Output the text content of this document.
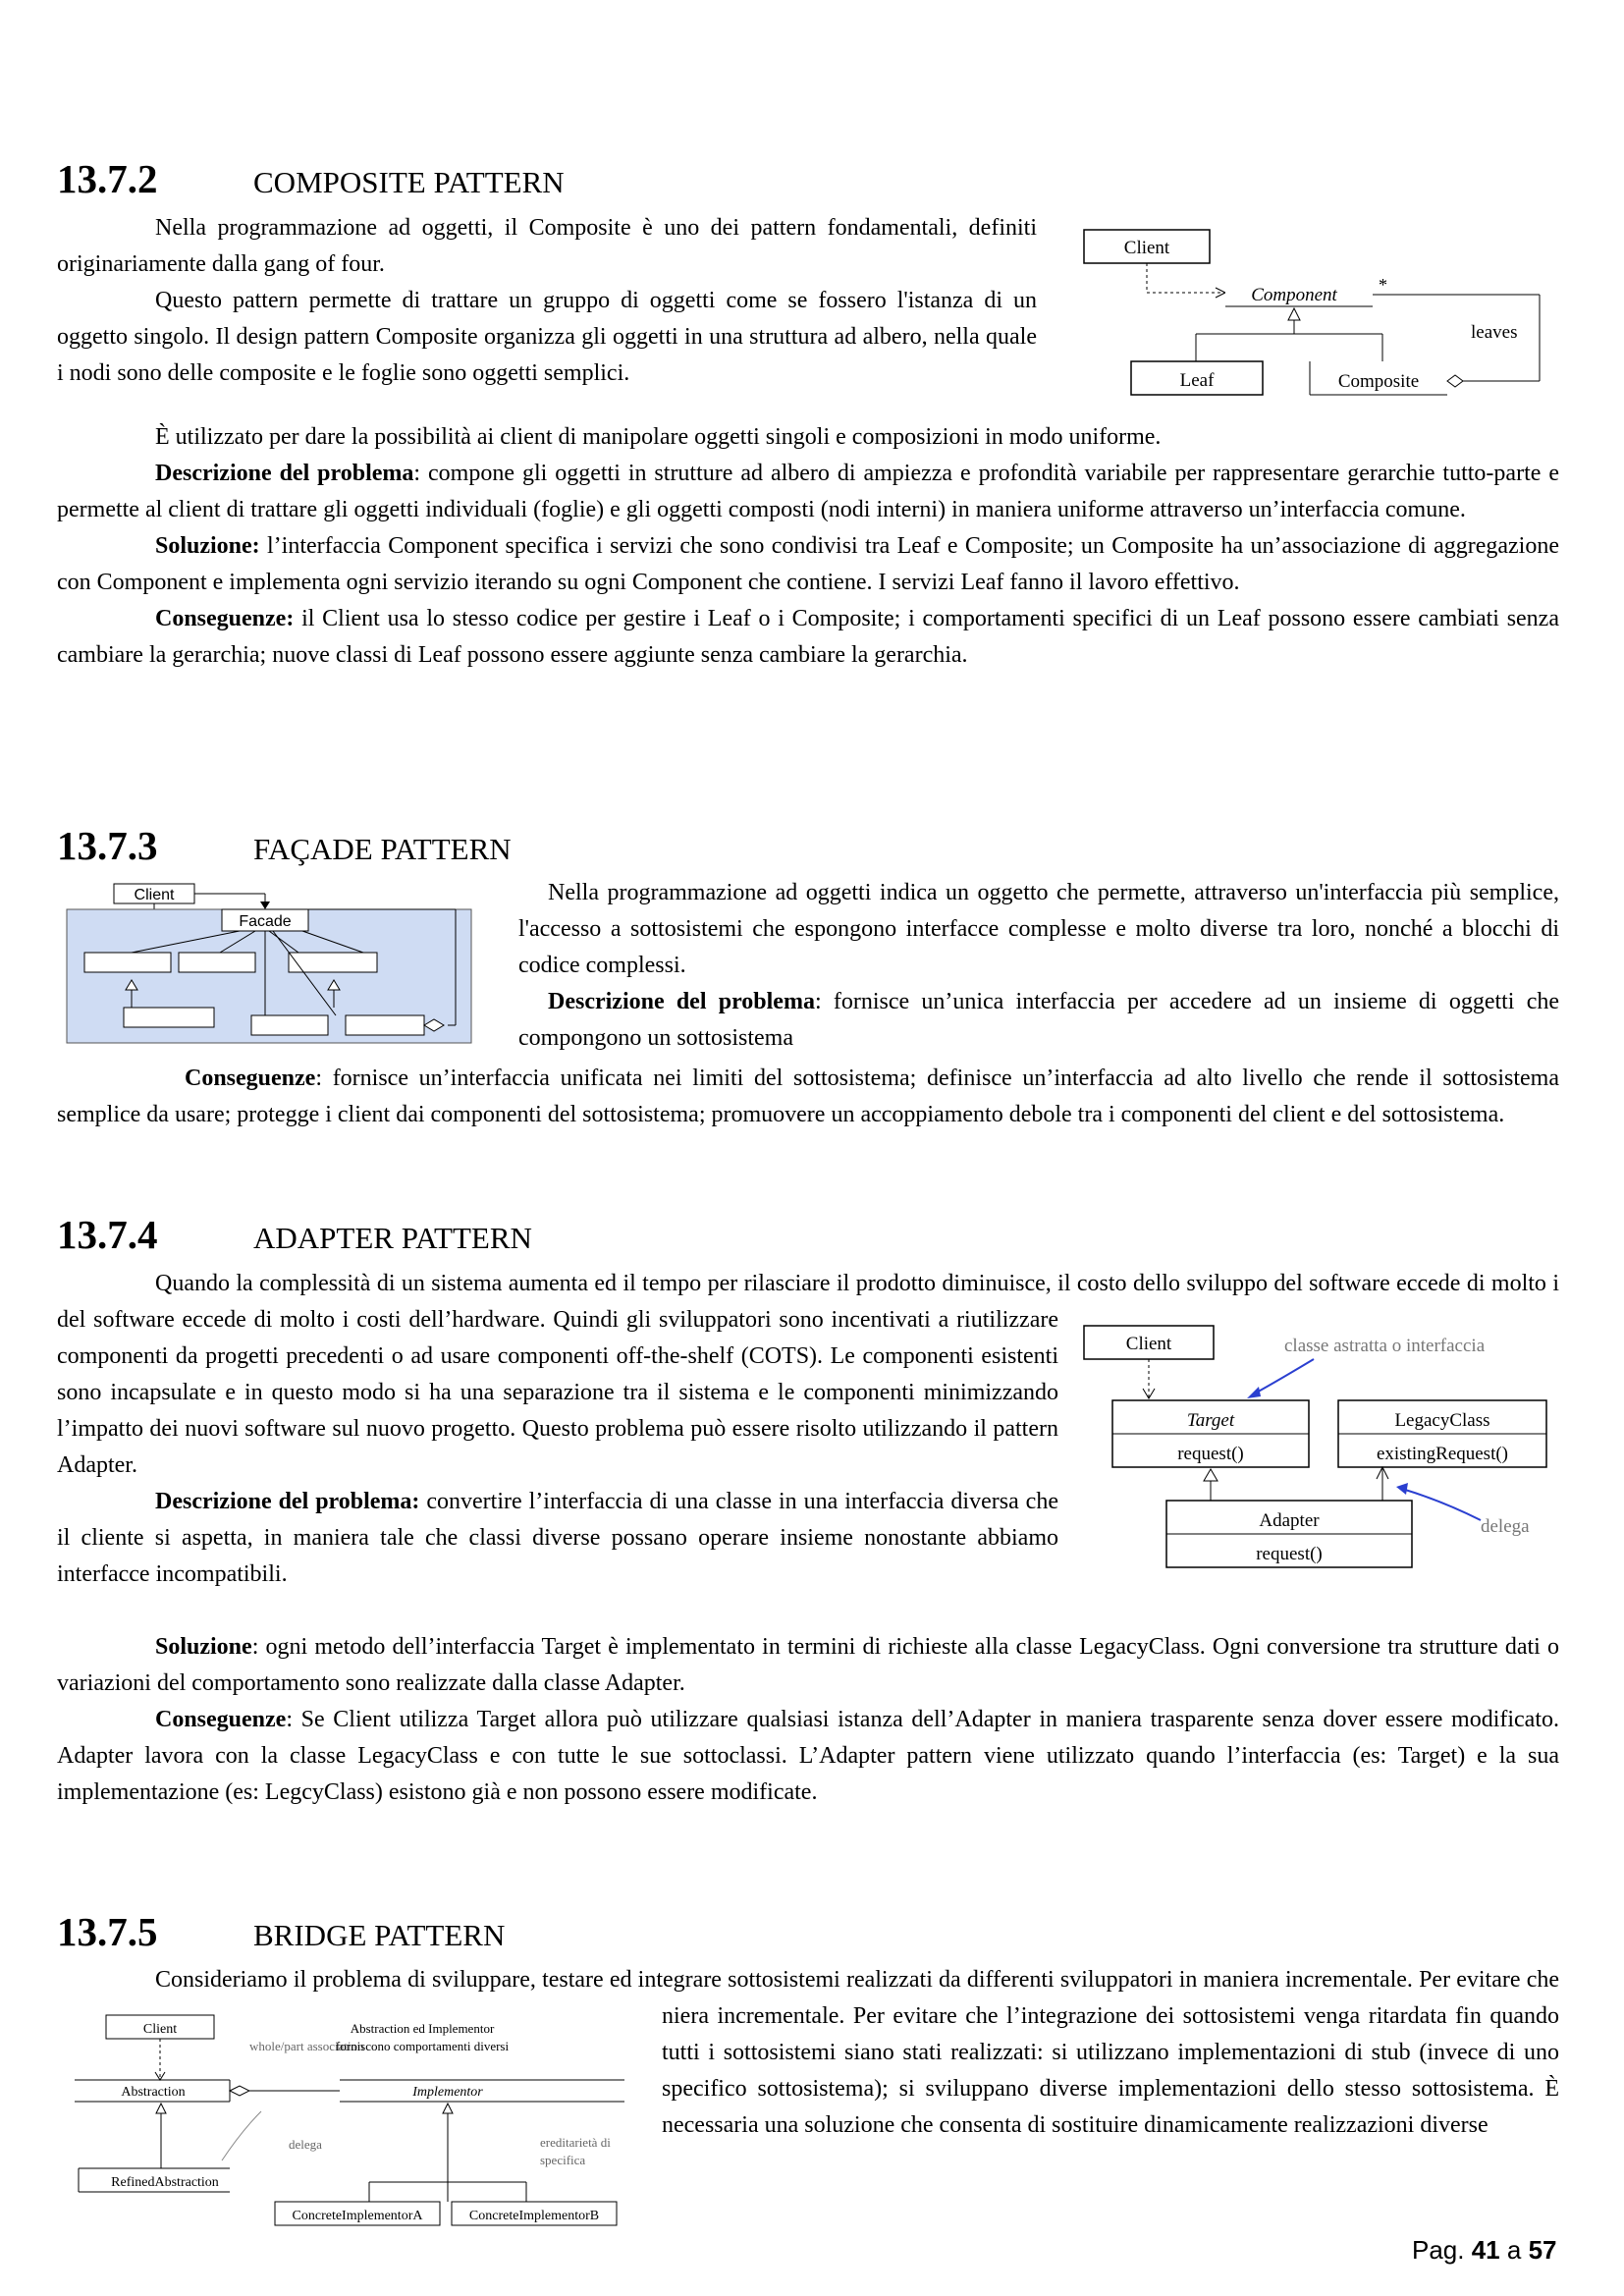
13.7.2	COMPOSITE PATTERN

Nella programmazione ad oggetti, il Composite è uno dei pattern fondamentali, definiti originariamente dalla gang of four.

Questo pattern permette di trattare un gruppo di oggetti come se fossero l'istanza di un oggetto singolo. Il design pattern Composite organizza gli oggetti in una struttura ad albero, nella quale i nodi sono delle composite e le foglie sono oggetti semplici.

Client
Component *
leaves
Leaf	Composite

È utilizzato per dare la possibilità ai client di manipolare oggetti singoli e composizioni in modo uniforme.

Descrizione del problema: compone gli oggetti in strutture ad albero di ampiezza e profondità variabile per rappresentare gerarchie tutto-parte e permette al client di trattare gli oggetti individuali (foglie) e gli oggetti composti (nodi interni) in maniera uniforme attraverso un’interfaccia comune.

Soluzione: l’interfaccia Component specifica i servizi che sono condivisi tra Leaf e Composite; un Composite ha un’associazione di aggregazione con Component e implementa ogni servizio iterando su ogni Component che contiene. I servizi Leaf fanno il lavoro effettivo.

Conseguenze: il Client usa lo stesso codice per gestire i Leaf o i Composite; i comportamenti specifici di un Leaf possono essere cambiati senza cambiare la gerarchia; nuove classi di Leaf possono essere aggiunte senza cambiare la gerarchia.

13.7.3	FAÇADE PATTERN
Client
Facade

Nella programmazione ad oggetti indica un oggetto che permette, attraverso un'interfaccia più semplice, l'accesso a sottosistemi che espongono interfacce complesse e molto diverse tra loro, nonché a blocchi di codice complessi.

Descrizione del problema: fornisce un’unica interfaccia per accedere ad un insieme di oggetti che compongono un sottosistema

Conseguenze: fornisce un’interfaccia unificata nei limiti del sottosistema; definisce un’interfaccia ad alto livello che rende il sottosistema semplice da usare; protegge i client dai componenti del sottosistema; promuovere un accoppiamento debole tra i componenti del client e del sottosistema.

13.7.4	ADAPTER PATTERN

Quando la complessità di un sistema aumenta ed il tempo per rilasciare il prodotto diminuisce, il costo dello sviluppo del software eccede di molto i

Client	classe astratta o interfaccia
Target
request()
LegacyClass
existingRequest()
Adapter
request()
delega

del software eccede di molto i costi dell’hardware. Quindi gli sviluppatori sono incentivati a riutilizzare componenti da progetti precedenti o ad usare componenti off-the-shelf (COTS). Le componenti esistenti sono incapsulate e in questo modo si ha una separazione tra il sistema e le componenti minimizzando l’impatto dei nuovi software sul nuovo progetto. Questo problema può essere risolto utilizzando il pattern Adapter.

Descrizione del problema: convertire l’interfaccia di una classe in una interfaccia diversa che il cliente si aspetta, in maniera tale che classi diverse possano operare insieme nonostante abbiamo interfacce incompatibili.

Soluzione: ogni metodo dell’interfaccia Target è implementato in termini di richieste alla classe LegacyClass. Ogni conversione tra strutture dati o variazioni del comportamento sono realizzate dalla classe Adapter.

Conseguenze: Se Client utilizza Target allora può utilizzare qualsiasi istanza dell’Adapter in maniera trasparente senza dover essere modificato. Adapter lavora con la classe LegacyClass e con tutte le sue sottoclassi. L’Adapter pattern viene utilizzato quando l’interfaccia (es: Target) e la sua implementazione (es: LegcyClass) esistono già e non possono essere modificate.

13.7.5	BRIDGE PATTERN

Consideriamo il problema di sviluppare, testare ed integrare sottosistemi realizzati da differenti sviluppatori in maniera incrementale. Per evitare che

Client
whole/part association
Abstraction ed Implementor
forniscono comportamenti diversi
Abstraction	Implementor
delega	ereditarietà di
specifica
RefinedAbstraction
ConcreteImplementorA	ConcreteImplementorB

niera incrementale. Per evitare che l’integrazione dei sottosistemi venga ritardata fin quando tutti i sottosistemi siano stati realizzati: si utilizzano implementazioni di stub (invece di uno specifico sottosistema); si sviluppano diverse implementazioni dello stesso sottosistema. È necessaria una soluzione che consenta di sostituire dinamicamente realizzazioni diverse

Pag. 41 a 57
